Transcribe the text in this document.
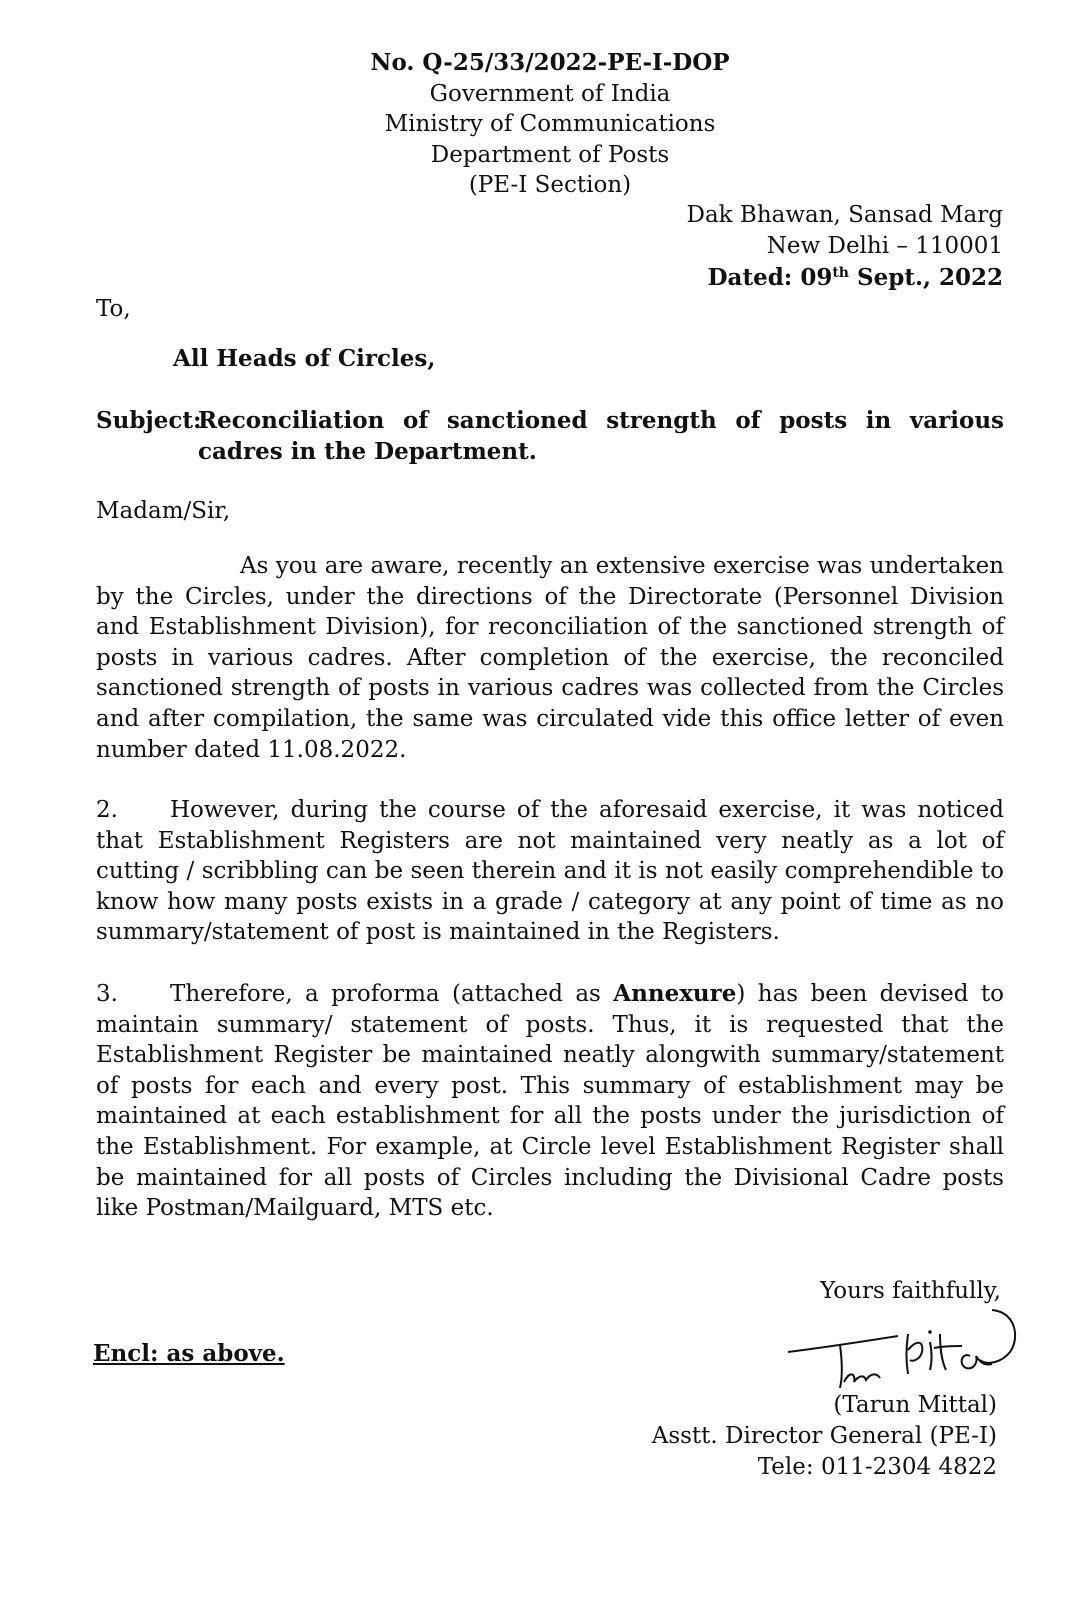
No. Q-25/33/2022-PE-I-DOP
Government of India
Ministry of Communications
Department of Posts
(PE-I Section)
Dak Bhawan, Sansad Marg
New Delhi – 110001
Dated: 09th Sept., 2022
To,
All Heads of Circles,
Subject:
Reconciliation of sanctioned strength of posts in various cadres in the Department.
Madam/Sir,
As you are aware, recently an extensive exercise was undertaken by the Circles, under the directions of the Directorate (Personnel Division and Establishment Division), for reconciliation of the sanctioned strength of posts in various cadres. After completion of the exercise, the reconciled sanctioned strength of posts in various cadres was collected from the Circles and after compilation, the same was circulated vide this office letter of even number dated 11.08.2022.
2. However, during the course of the aforesaid exercise, it was noticed that Establishment Registers are not maintained very neatly as a lot of cutting / scribbling can be seen therein and it is not easily comprehendible to know how many posts exists in a grade / category at any point of time as no summary/statement of post is maintained in the Registers.
3. Therefore, a proforma (attached as Annexure) has been devised to maintain summary/ statement of posts. Thus, it is requested that the Establishment Register be maintained neatly alongwith summary/statement of posts for each and every post. This summary of establishment may be maintained at each establishment for all the posts under the jurisdiction of the Establishment. For example, at Circle level Establishment Register shall be maintained for all posts of Circles including the Divisional Cadre posts like Postman/Mailguard, MTS etc.
Yours faithfully,
Encl: as above.
(Tarun Mittal)
Asstt. Director General (PE-I)
Tele: 011-2304 4822
